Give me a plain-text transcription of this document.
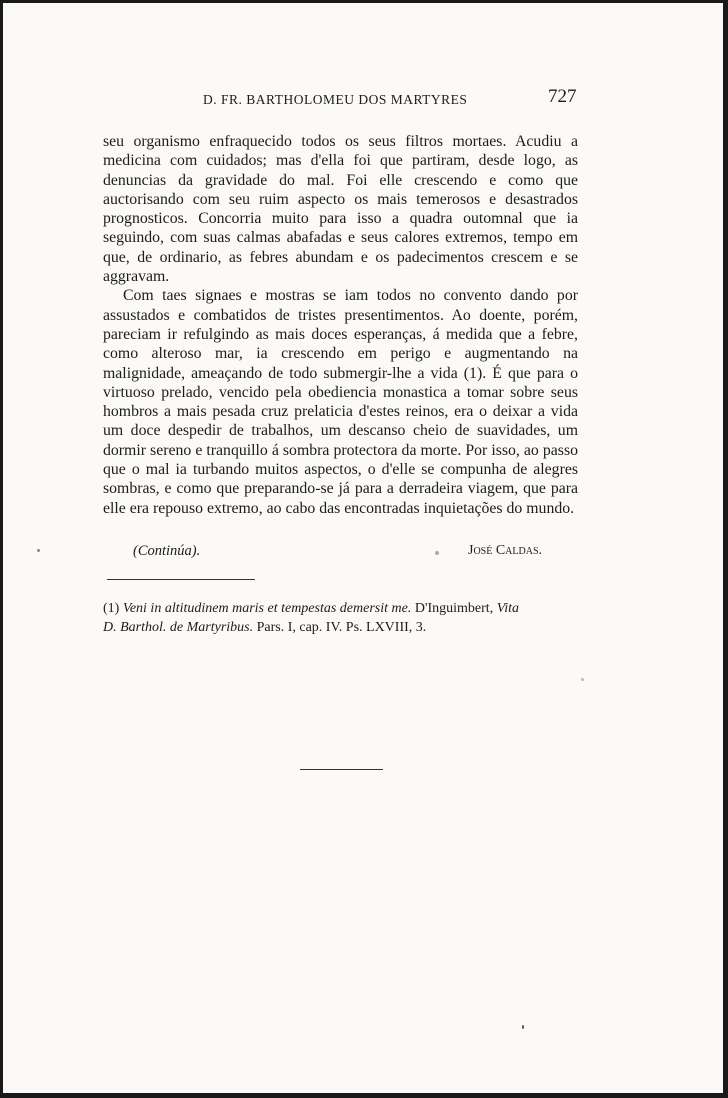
D. FR. BARTHOLOMEU DOS MARTYRES	727

seu organismo enfraquecido todos os seus filtros mortaes. Acudiu a medicina com cuidados; mas d'ella foi que partiram, desde logo, as denuncias da gravidade do mal. Foi elle crescendo e como que auctorisando com seu ruim aspecto os mais temerosos e desastrados prognosticos. Concorria muito para isso a quadra outomnal que ia seguindo, com suas calmas abafadas e seus calores extremos, tempo em que, de ordinario, as febres abundam e os padecimentos crescem e se aggravam.

Com taes signaes e mostras se iam todos no convento dando por assustados e combatidos de tristes presentimentos. Ao doente, porém, pareciam ir refulgindo as mais doces esperanças, á medida que a febre, como alteroso mar, ia crescendo em perigo e augmentando na malignidade, ameaçando de todo submergir-lhe a vida (1). É que para o virtuoso prelado, vencido pela obediencia monastica a tomar sobre seus hombros a mais pesada cruz prelaticia d'estes reinos, era o deixar a vida um doce despedir de trabalhos, um descanso cheio de suavidades, um dormir sereno e tranquillo á sombra protectora da morte. Por isso, ao passo que o mal ia turbando muitos aspectos, o d'elle se compunha de alegres sombras, e como que preparando-se já para a derradeira viagem, que para elle era repouso extremo, ao cabo das encontradas inquietações do mundo.

(Continúa).	José Caldas.
(1) Veni in altitudinem maris et tempestas demersit me. D'Inguimbert, Vita
D. Barthol. de Martyribus. Pars. I, cap. IV. Ps. LXVIII, 3.
